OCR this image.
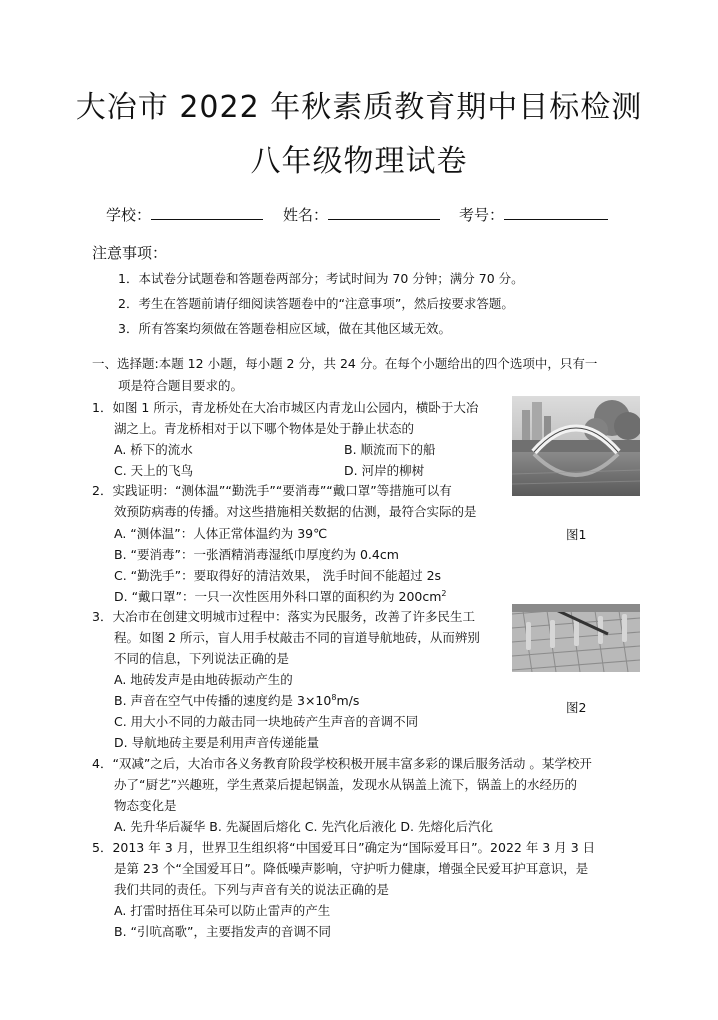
大冶市 2022 年秋素质教育期中目标检测
八年级物理试卷
学校：	姓名：	考号：
注意事项：
1．本试卷分试题卷和答题卷两部分；考试时间为 70 分钟；满分 70 分。
2．考生在答题前请仔细阅读答题卷中的“注意事项”，然后按要求答题。
3．所有答案均须做在答题卷相应区域，做在其他区域无效。
一、选择题:本题 12 小题，每小题 2 分，共 24 分。在每个小题给出的四个选项中，只有一
项是符合题目要求的。
1．如图 1 所示，青龙桥处在大冶市城区内青龙山公园内，横卧于大冶
湖之上。青龙桥相对于以下哪个物体是处于静止状态的
A. 桥下的流水	B. 顺流而下的船
C. 天上的飞鸟	D. 河岸的柳树
图1
2．实践证明：“测体温”“勤洗手”“要消毒”“戴口罩”等措施可以有
效预防病毒的传播。对这些措施相关数据的估测，最符合实际的是
A. “测体温”：人体正常体温约为 39℃
B. “要消毒”：一张酒精消毒湿纸巾厚度约为 0.4cm
C. “勤洗手”：要取得好的清洁效果， 洗手时间不能超过 2s
D. “戴口罩”：一只一次性医用外科口罩的面积约为 $200cm^2$
3．大冶市在创建文明城市过程中：落实为民服务，改善了许多民生工
程。如图 2 所示，盲人用手杖敲击不同的盲道导航地砖，从而辨别
不同的信息，下列说法正确的是
A. 地砖发声是由地砖振动产生的
B. 声音在空气中传播的速度约是 $3\times 10^8m/s$
C. 用大小不同的力敲击同一块地砖产生声音的音调不同
D. 导航地砖主要是利用声音传递能量
图2
4．“双减”之后，大冶市各义务教育阶段学校积极开展丰富多彩的课后服务活动 。某学校开
办了“厨艺”兴趣班，学生煮菜后提起锅盖，发现水从锅盖上流下，锅盖上的水经历的
物态变化是
A. 先升华后凝华 B. 先凝固后熔化 C. 先汽化后液化 D. 先熔化后汽化
5．2013 年 3 月，世界卫生组织将“中国爱耳日”确定为“国际爱耳日”。2022 年 3 月 3 日
是第 23 个“全国爱耳日”。降低噪声影响，守护听力健康，增强全民爱耳护耳意识，是
我们共同的责任。下列与声音有关的说法正确的是
A. 打雷时捂住耳朵可以防止雷声的产生
B. “引吭高歌”，主要指发声的音调不同
